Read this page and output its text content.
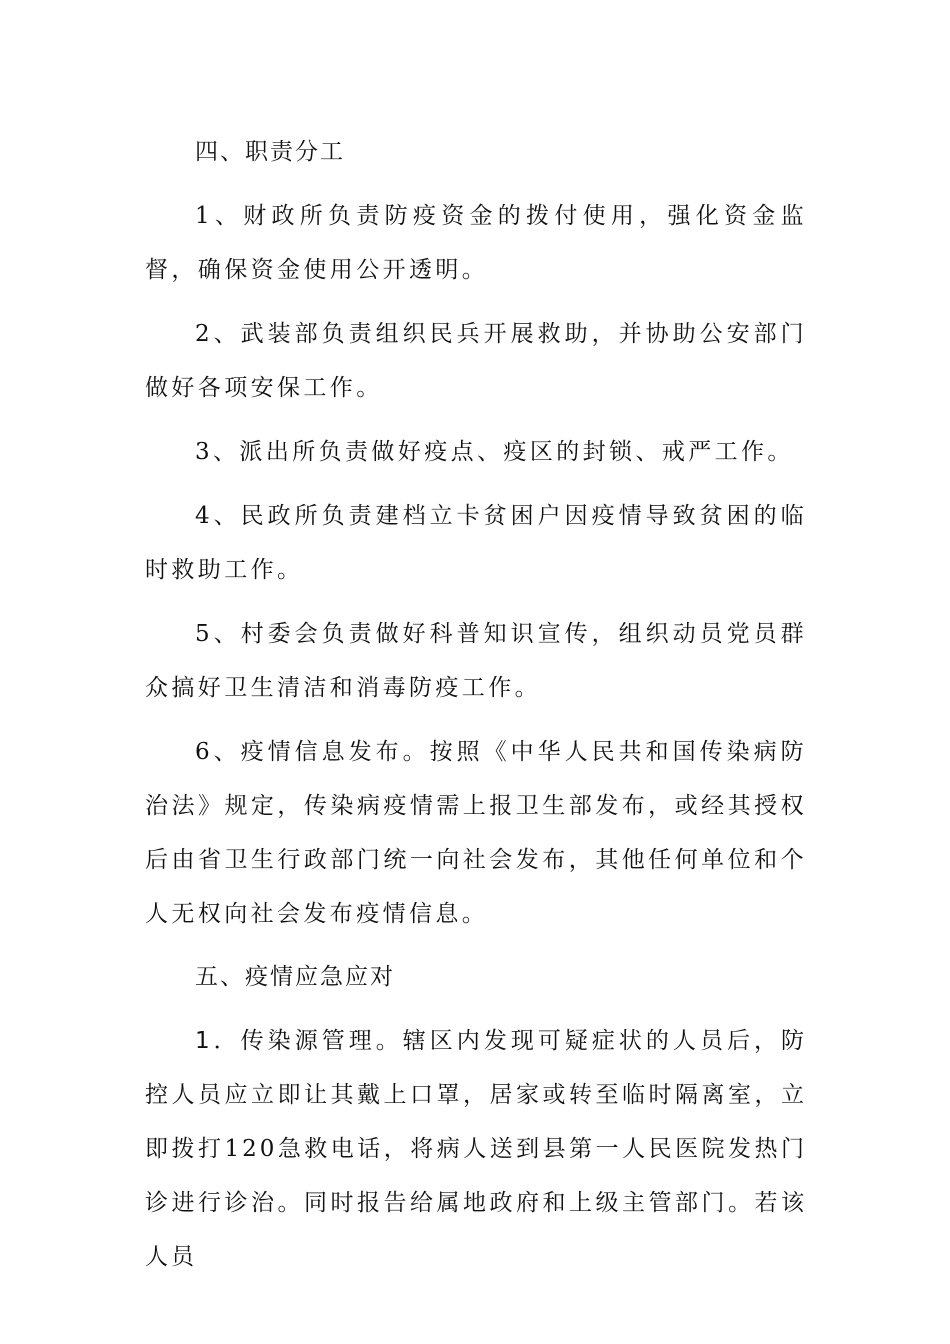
四、职责分工

1、财政所负责防疫资金的拨付使用，强化资金监督，确保资金使用公开透明。

2、武装部负责组织民兵开展救助，并协助公安部门做好各项安保工作。

3、派出所负责做好疫点、疫区的封锁、戒严工作。

4、民政所负责建档立卡贫困户因疫情导致贫困的临时救助工作。

5、村委会负责做好科普知识宣传，组织动员党员群众搞好卫生清洁和消毒防疫工作。

6、疫情信息发布。按照《中华人民共和国传染病防治法》规定，传染病疫情需上报卫生部发布，或经其授权后由省卫生行政部门统一向社会发布，其他任何单位和个人无权向社会发布疫情信息。

五、疫情应急应对

1．传染源管理。辖区内发现可疑症状的人员后，防控人员应立即让其戴上口罩，居家或转至临时隔离室，立即拨打120急救电话，将病人送到县第一人民医院发热门诊进行诊治。同时报告给属地政府和上级主管部门。若该人员
